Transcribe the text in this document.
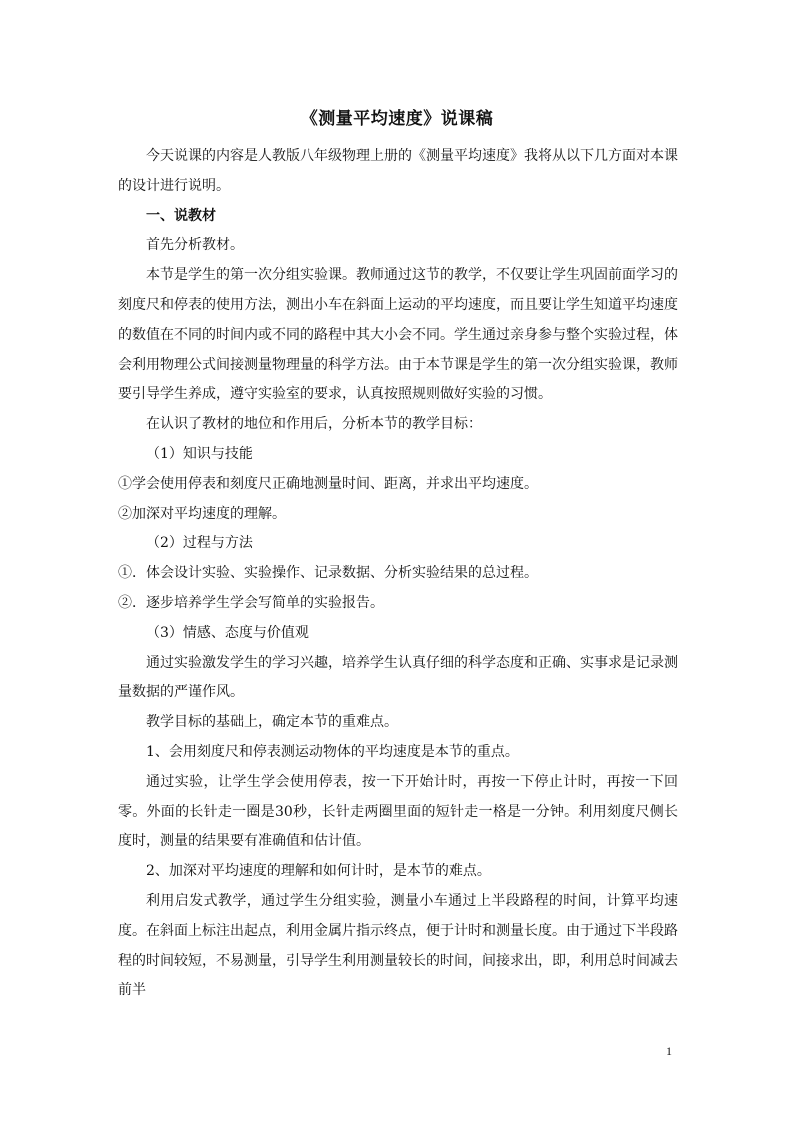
《测量平均速度》说课稿

今天说课的内容是人教版八年级物理上册的《测量平均速度》我将从以下几方面对本课的设计进行说明。

一、说教材

首先分析教材。

本节是学生的第一次分组实验课。教师通过这节的教学，不仅要让学生巩固前面学习的刻度尺和停表的使用方法，测出小车在斜面上运动的平均速度，而且要让学生知道平均速度的数值在不同的时间内或不同的路程中其大小会不同。学生通过亲身参与整个实验过程，体会利用物理公式间接测量物理量的科学方法。由于本节课是学生的第一次分组实验课，教师要引导学生养成，遵守实验室的要求，认真按照规则做好实验的习惯。

在认识了教材的地位和作用后，分析本节的教学目标：

（1）知识与技能

①学会使用停表和刻度尺正确地测量时间、距离，并求出平均速度。

②加深对平均速度的理解。

（2）过程与方法

①．体会设计实验、实验操作、记录数据、分析实验结果的总过程。

②．逐步培养学生学会写简单的实验报告。

（3）情感、态度与价值观

通过实验激发学生的学习兴趣，培养学生认真仔细的科学态度和正确、实事求是记录测量数据的严谨作风。

教学目标的基础上，确定本节的重难点。

1、会用刻度尺和停表测运动物体的平均速度是本节的重点。

通过实验，让学生学会使用停表，按一下开始计时，再按一下停止计时，再按一下回零。外面的长针走一圈是30秒，长针走两圈里面的短针走一格是一分钟。利用刻度尺侧长度时，测量的结果要有准确值和估计值。

2、加深对平均速度的理解和如何计时，是本节的难点。

利用启发式教学，通过学生分组实验，测量小车通过上半段路程的时间，计算平均速度。在斜面上标注出起点，利用金属片指示终点，便于计时和测量长度。由于通过下半段路程的时间较短，不易测量，引导学生利用测量较长的时间，间接求出，即，利用总时间减去前半

1
